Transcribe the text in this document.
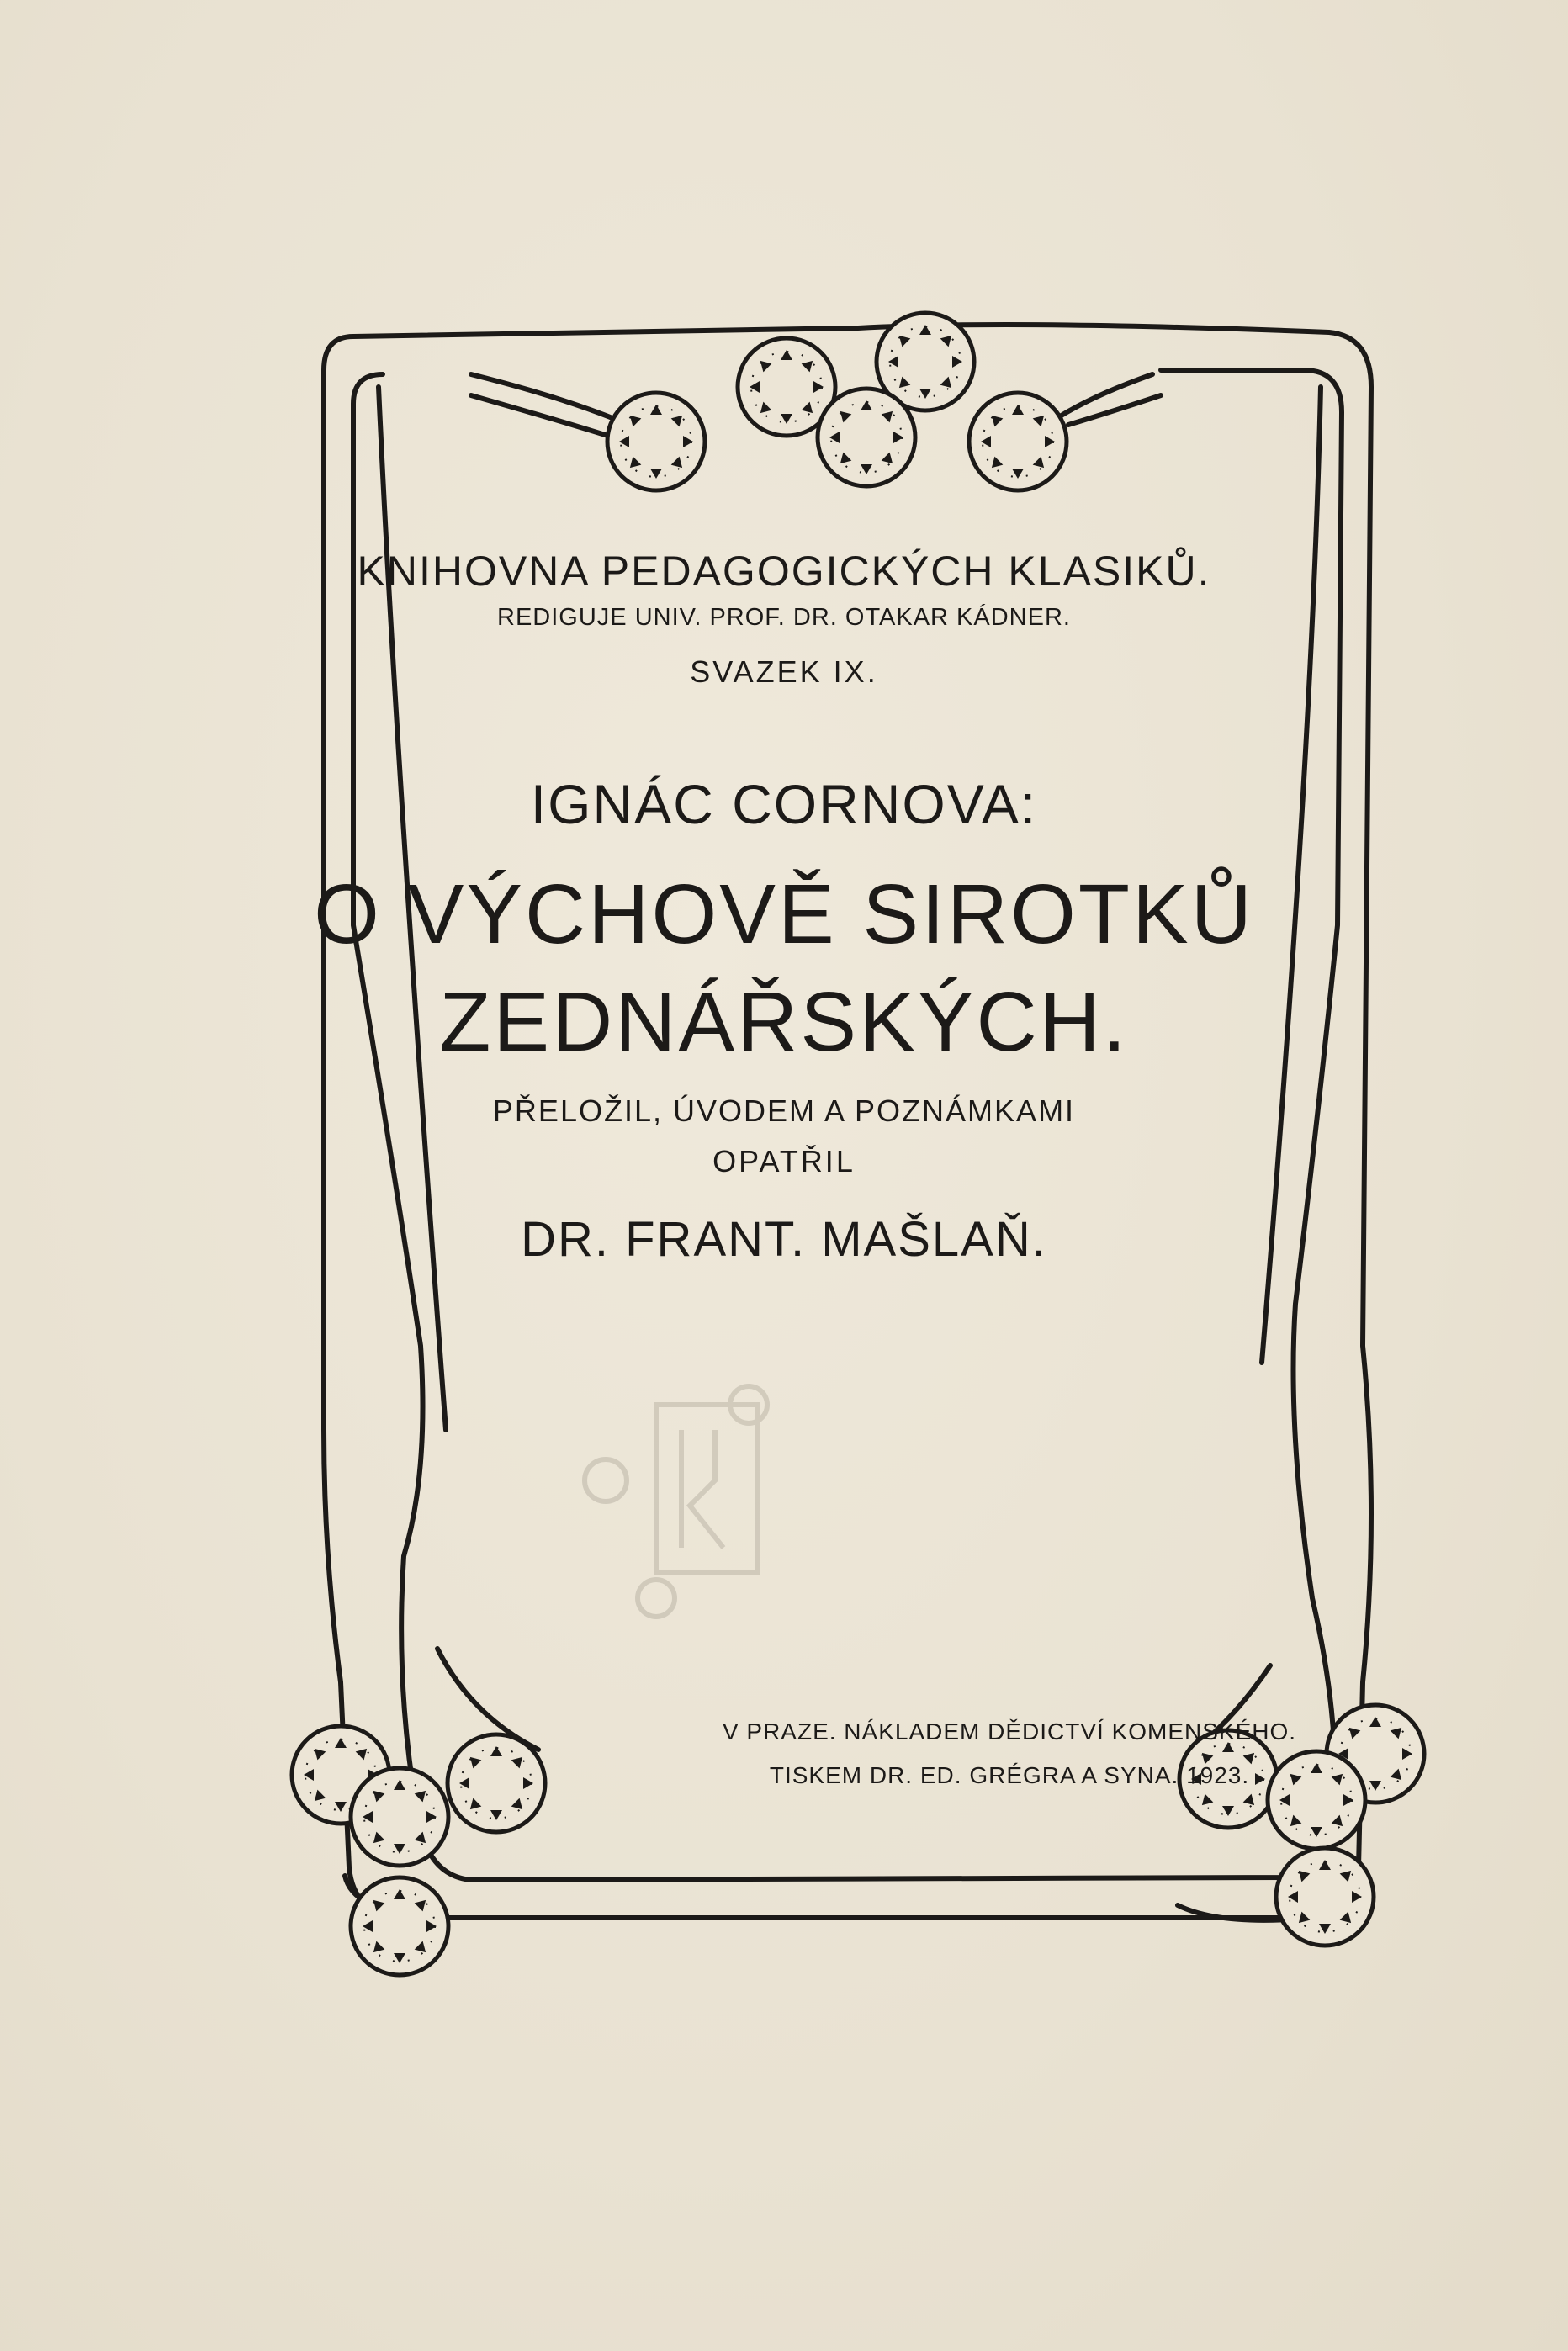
KNIHOVNA PEDAGOGICKÝCH KLASIKŮ.
REDIGUJE UNIV. PROF. DR. OTAKAR KÁDNER.
SVAZEK IX.
IGNÁC CORNOVA:
O VÝCHOVĚ SIROTKŮ
ZEDNÁŘSKÝCH.
PŘELOŽIL, ÚVODEM A POZNÁMKAMI
OPATŘIL
DR. FRANT. MAŠLAŇ.
V PRAZE. NÁKLADEM DĚDICTVÍ KOMENSKÉHO.
TISKEM DR. ED. GRÉGRA A SYNA. 1923.
